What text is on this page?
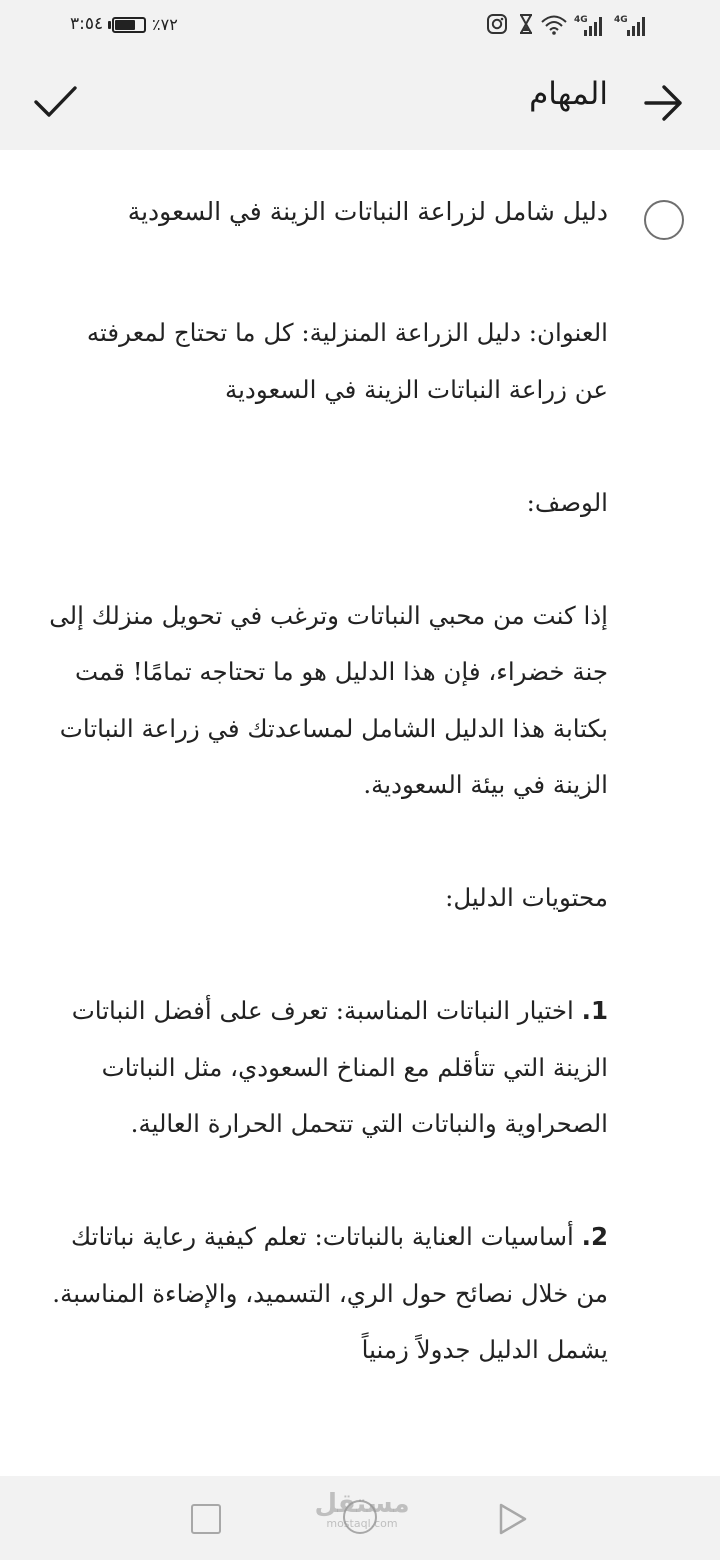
٣:٥٤	٪٧٢	4G	4G
المهام
دليل شامل لزراعة النباتات الزينة في السعودية

العنوان: دليل الزراعة المنزلية: كل ما تحتاج لمعرفته عن زراعة النباتات الزينة في السعودية

الوصف:

إذا كنت من محبي النباتات وترغب في تحويل منزلك إلى جنة خضراء، فإن هذا الدليل هو ما تحتاجه تمامًا! قمت بكتابة هذا الدليل الشامل لمساعدتك في زراعة النباتات الزينة في بيئة السعودية.

محتويات الدليل:

1. اختيار النباتات المناسبة: تعرف على أفضل النباتات الزينة التي تتأقلم مع المناخ السعودي، مثل النباتات الصحراوية والنباتات التي تتحمل الحرارة العالية.

2. أساسيات العناية بالنباتات: تعلم كيفية رعاية نباتاتك من خلال نصائح حول الري، التسميد، والإضاءة المناسبة. يشمل الدليل جدولاً زمنياً

مستقل
mostaql.com
